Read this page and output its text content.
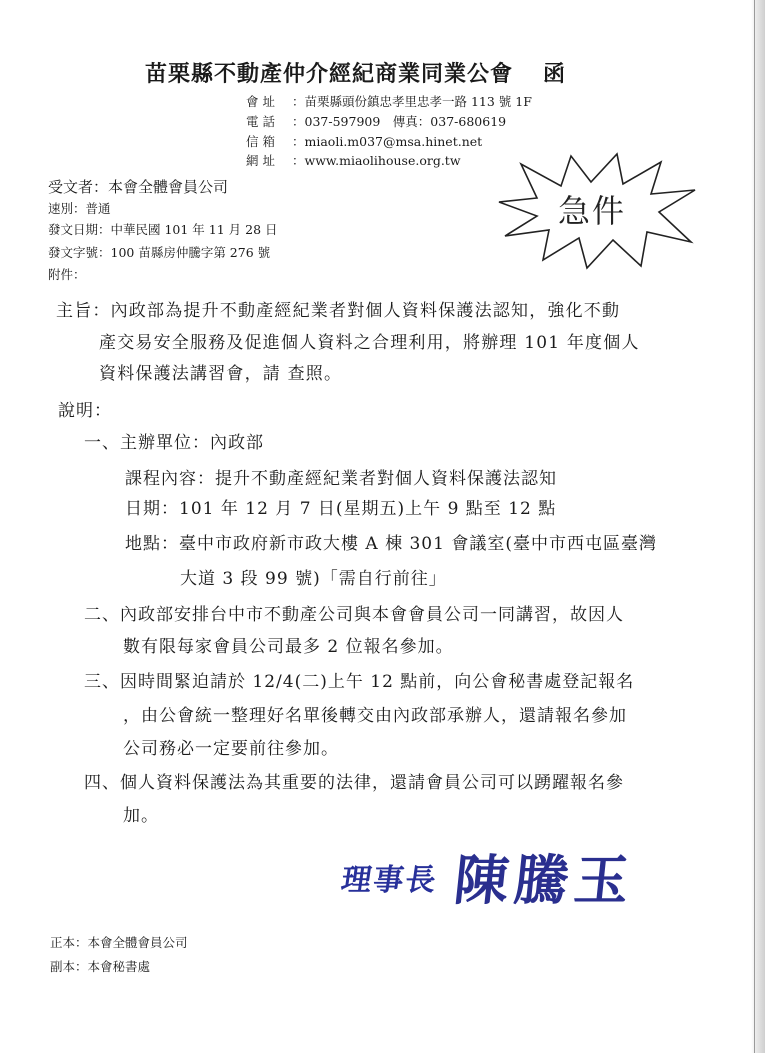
苗栗縣不動產仲介經紀商業同業公會 函
會 址 ：苗栗縣頭份鎮忠孝里忠孝一路 113 號 1F
電 話 ：037-597909　傳真：037-680619
信 箱 ：miaoli.m037@msa.hinet.net
網 址 ：www.miaolihouse.org.tw
受文者：本會全體會員公司
速別：普通
發文日期：中華民國 101 年 11 月 28 日
發文字號：100 苗縣房仲騰字第 276 號
附件：
急件
主旨：內政部為提升不動產經紀業者對個人資料保護法認知，強化不動
產交易安全服務及促進個人資料之合理利用，將辦理 101 年度個人
資料保護法講習會，請 查照。
說明：
一、主辦單位：內政部
課程內容：提升不動產經紀業者對個人資料保護法認知
日期：101 年 12 月 7 日(星期五)上午 9 點至 12 點
地點：臺中市政府新市政大樓 A 棟 301 會議室(臺中市西屯區臺灣
大道 3 段 99 號)「需自行前往」
二、內政部安排台中市不動產公司與本會會員公司一同講習，故因人
數有限每家會員公司最多 2 位報名參加。
三、因時間緊迫請於 12/4(二)上午 12 點前，向公會秘書處登記報名
，由公會統一整理好名單後轉交由內政部承辦人，還請報名參加
公司務必一定要前往參加。
四、個人資料保護法為其重要的法律，還請會員公司可以踴躍報名參
加。
理事長 陳騰玉
正本：本會全體會員公司
副本：本會秘書處
